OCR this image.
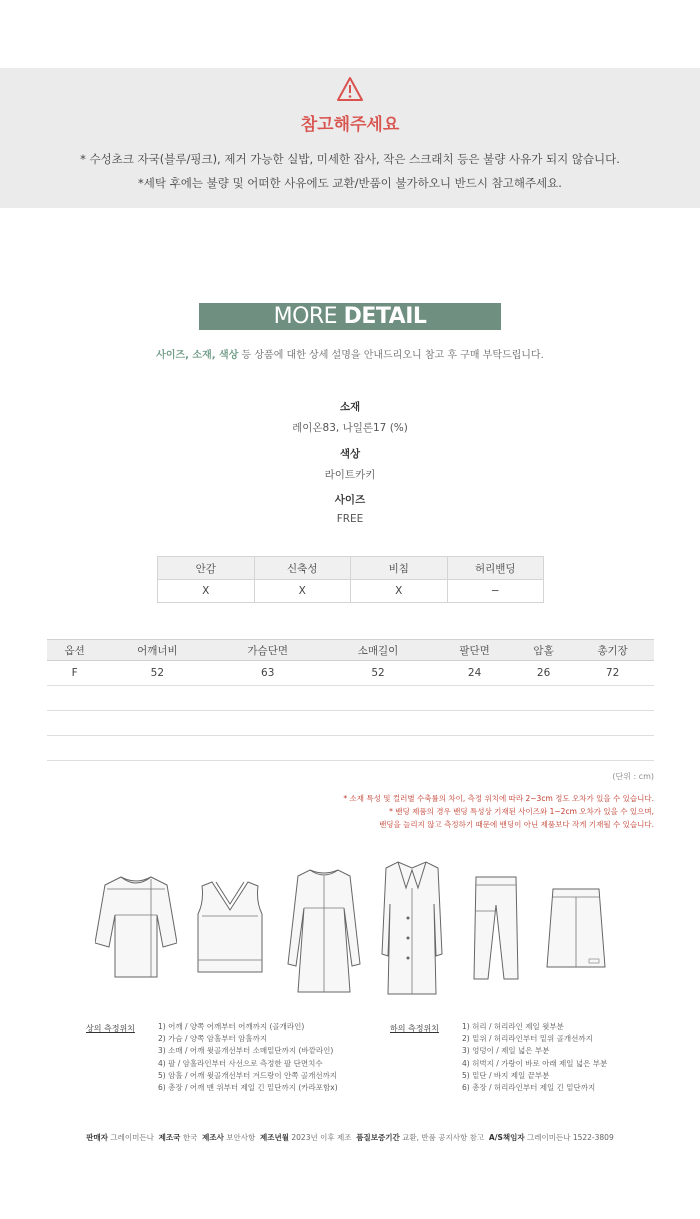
참고해주세요
* 수성초크 자국(블루/핑크), 제거 가능한 실밥, 미세한 잡사, 작은 스크래치 등은 불량 사유가 되지 않습니다.
*세탁 후에는 불량 및 어떠한 사유에도 교환/반품이 불가하오니 반드시 참고해주세요.
MORE DETAIL
사이즈, 소재, 색상 등 상품에 대한 상세 설명을 안내드리오니 참고 후 구매 부탁드립니다.
소재
레이온83, 나일론17 (%)
색상
라이트카키
사이즈
FREE
안감	신축성	비침	허리밴딩
X	X	X	−
옵션	어깨너비	가슴단면	소매길이	팔단면	암홀	총기장
F	52	63	52	24	26	72

(단위 : cm)
* 소재 특성 및 컬러별 수축률의 차이, 측정 위치에 따라 2~3cm 정도 오차가 있을 수 있습니다.
* 밴딩 제품의 경우 밴딩 특성상 기재된 사이즈와 1~2cm 오차가 있을 수 있으며,
밴딩을 늘리지 않고 측정하기 때문에 밴딩이 아닌 제품보다 작게 기재될 수 있습니다.
상의 측정위치	1) 어깨 / 양쪽 어깨부터 어깨까지 (골개라인)
2) 가슴 / 양쪽 암홀부터 암홀까지
3) 소매 / 어깨 윗골개선부터 소매밑단까지 (바깥라인)
4) 팔 / 암홀라인부터 사선으로 측정한 팔 단면치수
5) 암홀 / 어깨 윗골개선부터 겨드랑이 안쪽 골개선까지
6) 총장 / 어깨 맨 위부터 제일 긴 밑단까지 (카라포함x)
하의 측정위치	1) 허리 / 허리라인 제일 윗부분
2) 밑위 / 허리라인부터 밑위 골개선까지
3) 엉덩이 / 제일 넓은 부분
4) 허벅지 / 가랑이 바로 아래 제일 넓은 부분
5) 밑단 / 바지 제일 끝부분
6) 총장 / 허리라인부터 제일 긴 밑단까지
판매자 그레이미든나 제조국 한국 제조사 보안사항 제조년월 2023년 이후 제조 품질보증기간 교환, 반품 공지사항 참고 A/S책임자 그레이미든나 1522-3809
